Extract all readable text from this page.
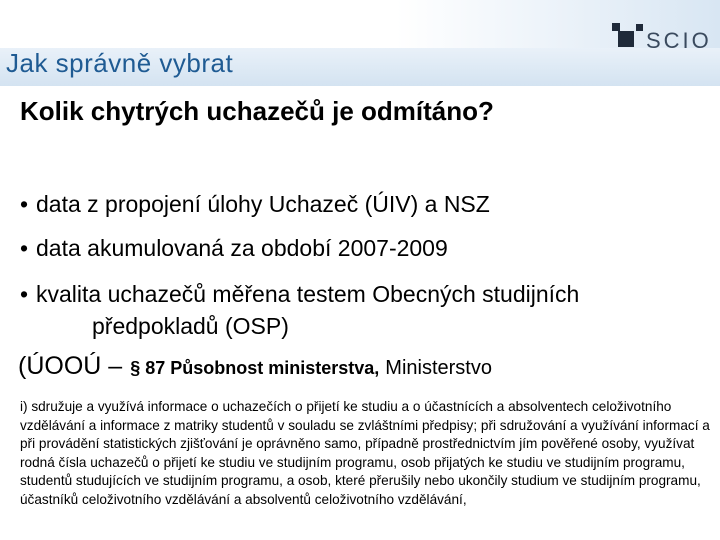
Jak správně vybrat
SCIO
Kolik chytrých uchazečů je odmítáno?
• data z propojení úlohy Uchazeč (ÚIV) a NSZ
• data akumulovaná za období 2007-2009
• kvalita uchazečů měřena testem Obecných studijních
předpokladů (OSP)
(ÚOOÚ – § 87 Působnost ministerstva, Ministerstvo
i) sdružuje a využívá informace o uchazečích o přijetí ke studiu a o účastnících a absolventech celoživotního vzdělávání a informace z matriky studentů v souladu se zvláštními předpisy; při sdružování a využívání informací a při provádění statistických zjišťování je oprávněno samo, případně prostřednictvím jím pověřené osoby, využívat rodná čísla uchazečů o přijetí ke studiu ve studijním programu, osob přijatých ke studiu ve studijním programu, studentů studujících ve studijním programu, a osob, které přerušily nebo ukončily studium ve studijním programu, účastníků celoživotního vzdělávání a absolventů celoživotního vzdělávání,
